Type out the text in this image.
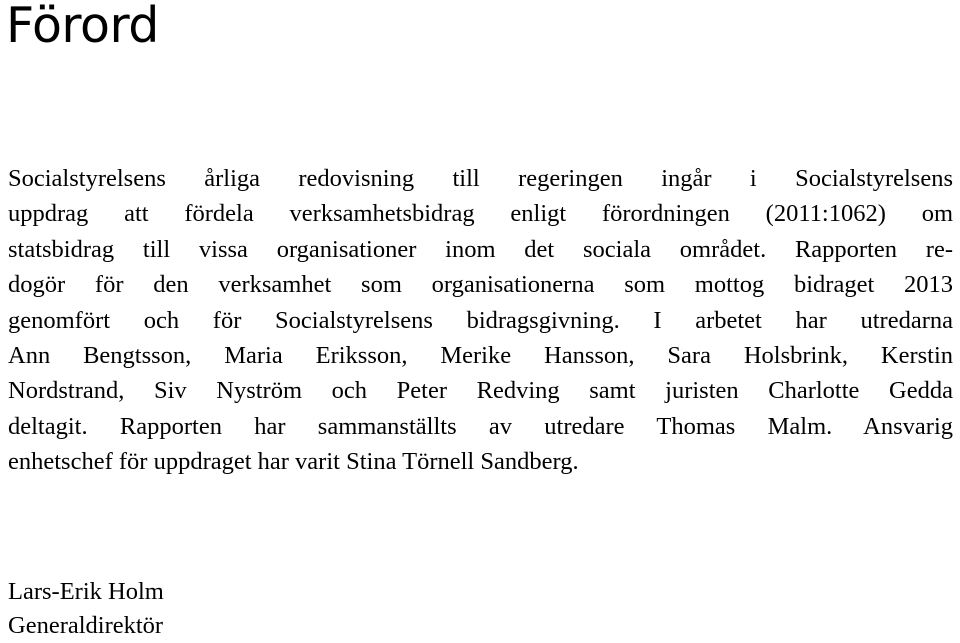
Förord
Socialstyrelsens årliga redovisning till regeringen ingår i Socialstyrelsens
uppdrag att fördela verksamhetsbidrag enligt förordningen (2011:1062) om
statsbidrag till vissa organisationer inom det sociala området. Rapporten re-
dogör för den verksamhet som organisationerna som mottog bidraget 2013
genomfört och för Socialstyrelsens bidragsgivning. I arbetet har utredarna
Ann Bengtsson, Maria Eriksson, Merike Hansson, Sara Holsbrink, Kerstin
Nordstrand, Siv Nyström och Peter Redving samt juristen Charlotte Gedda
deltagit. Rapporten har sammanställts av utredare Thomas Malm. Ansvarig
enhetschef för uppdraget har varit Stina Törnell Sandberg.
Lars-Erik Holm
Generaldirektör
